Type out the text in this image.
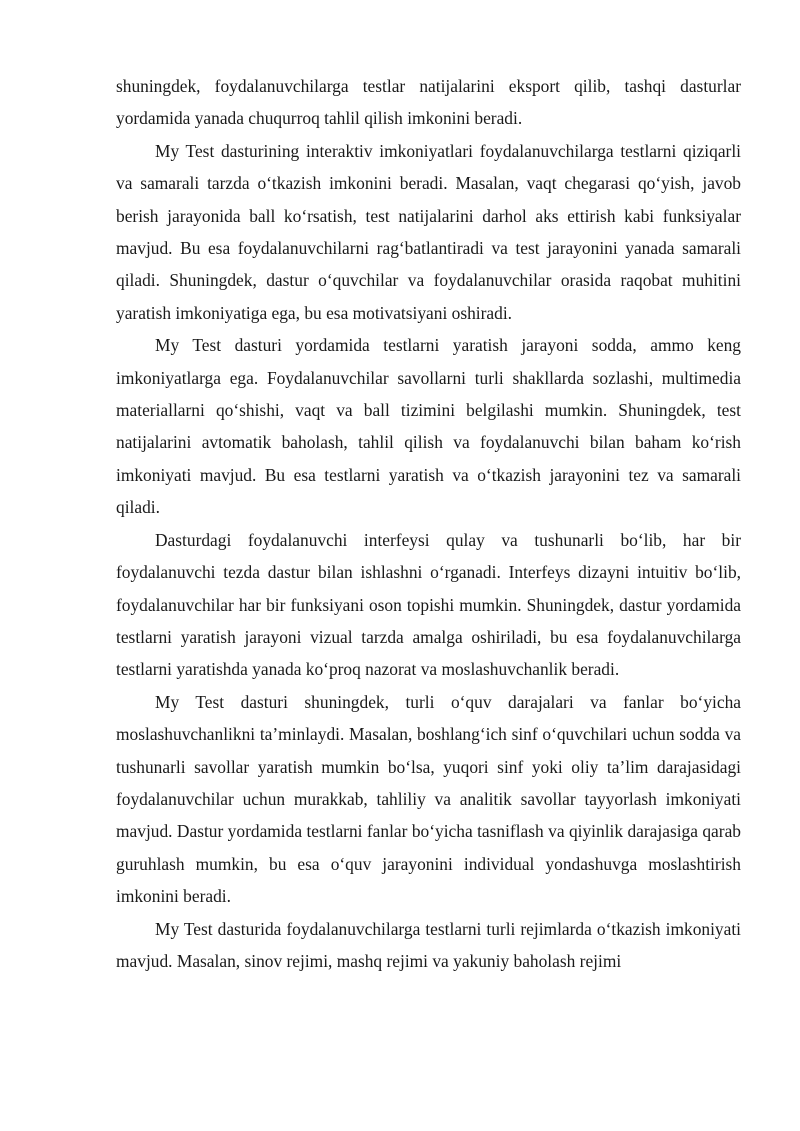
shuningdek, foydalanuvchilarga testlar natijalarini eksport qilib, tashqi dasturlar yordamida yanada chuqurroq tahlil qilish imkonini beradi.

My Test dasturining interaktiv imkoniyatlari foydalanuvchilarga testlarni qiziqarli va samarali tarzda o‘tkazish imkonini beradi. Masalan, vaqt chegarasi qo‘yish, javob berish jarayonida ball ko‘rsatish, test natijalarini darhol aks ettirish kabi funksiyalar mavjud. Bu esa foydalanuvchilarni rag‘batlantiradi va test jarayonini yanada samarali qiladi. Shuningdek, dastur o‘quvchilar va foydalanuvchilar orasida raqobat muhitini yaratish imkoniyatiga ega, bu esa motivatsiyani oshiradi.

My Test dasturi yordamida testlarni yaratish jarayoni sodda, ammo keng imkoniyatlarga ega. Foydalanuvchilar savollarni turli shakllarda sozlashi, multimedia materiallarni qo‘shishi, vaqt va ball tizimini belgilashi mumkin. Shuningdek, test natijalarini avtomatik baholash, tahlil qilish va foydalanuvchi bilan baham ko‘rish imkoniyati mavjud. Bu esa testlarni yaratish va o‘tkazish jarayonini tez va samarali qiladi.

Dasturdagi foydalanuvchi interfeysi qulay va tushunarli bo‘lib, har bir foydalanuvchi tezda dastur bilan ishlashni o‘rganadi. Interfeys dizayni intuitiv bo‘lib, foydalanuvchilar har bir funksiyani oson topishi mumkin. Shuningdek, dastur yordamida testlarni yaratish jarayoni vizual tarzda amalga oshiriladi, bu esa foydalanuvchilarga testlarni yaratishda yanada ko‘proq nazorat va moslashuvchanlik beradi.

My Test dasturi shuningdek, turli o‘quv darajalari va fanlar bo‘yicha moslashuvchanlikni ta’minlaydi. Masalan, boshlang‘ich sinf o‘quvchilari uchun sodda va tushunarli savollar yaratish mumkin bo‘lsa, yuqori sinf yoki oliy ta’lim darajasidagi foydalanuvchilar uchun murakkab, tahliliy va analitik savollar tayyorlash imkoniyati mavjud. Dastur yordamida testlarni fanlar bo‘yicha tasniflash va qiyinlik darajasiga qarab guruhlash mumkin, bu esa o‘quv jarayonini individual yondashuvga moslashtirish imkonini beradi.

My Test dasturida foydalanuvchilarga testlarni turli rejimlarda o‘tkazish imkoniyati mavjud. Masalan, sinov rejimi, mashq rejimi va yakuniy baholash rejimi
